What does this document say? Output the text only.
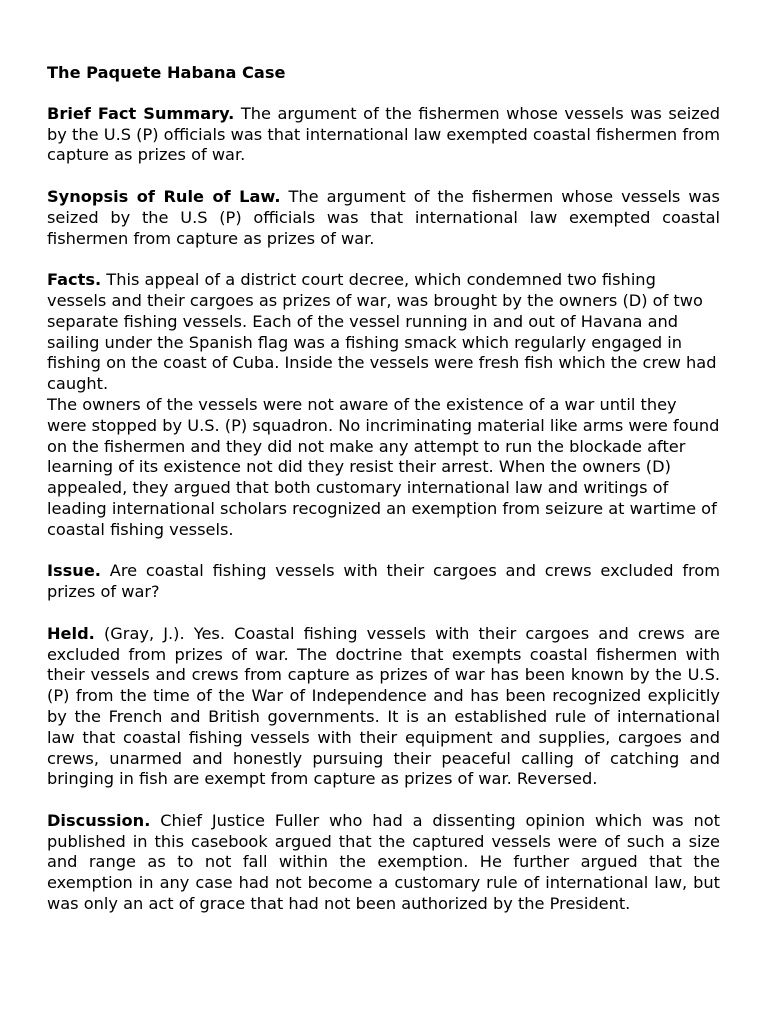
The Paquete Habana Case

Brief Fact Summary. The argument of the fishermen whose vessels was seized by the U.S (P) officials was that international law exempted coastal fishermen from capture as prizes of war.

Synopsis of Rule of Law. The argument of the fishermen whose vessels was seized by the U.S (P) officials was that international law exempted coastal fishermen from capture as prizes of war.

Facts. This appeal of a district court decree, which condemned two fishing vessels and their cargoes as prizes of war, was brought by the owners (D) of two separate fishing vessels. Each of the vessel running in and out of Havana and sailing under the Spanish flag was a fishing smack which regularly engaged in fishing on the coast of Cuba. Inside the vessels were fresh fish which the crew had caught.

The owners of the vessels were not aware of the existence of a war until they were stopped by U.S. (P) squadron. No incriminating material like arms were found on the fishermen and they did not make any attempt to run the blockade after learning of its existence not did they resist their arrest. When the owners (D) appealed, they argued that both customary international law and writings of leading international scholars recognized an exemption from seizure at wartime of coastal fishing vessels.

Issue. Are coastal fishing vessels with their cargoes and crews excluded from prizes of war?

Held. (Gray, J.). Yes. Coastal fishing vessels with their cargoes and crews are excluded from prizes of war. The doctrine that exempts coastal fishermen with their vessels and crews from capture as prizes of war has been known by the U.S. (P) from the time of the War of Independence and has been recognized explicitly by the French and British governments. It is an established rule of international law that coastal fishing vessels with their equipment and supplies, cargoes and crews, unarmed and honestly pursuing their peaceful calling of catching and bringing in fish are exempt from capture as prizes of war. Reversed.

Discussion. Chief Justice Fuller who had a dissenting opinion which was not published in this casebook argued that the captured vessels were of such a size and range as to not fall within the exemption. He further argued that the exemption in any case had not become a customary rule of international law, but was only an act of grace that had not been authorized by the President.
